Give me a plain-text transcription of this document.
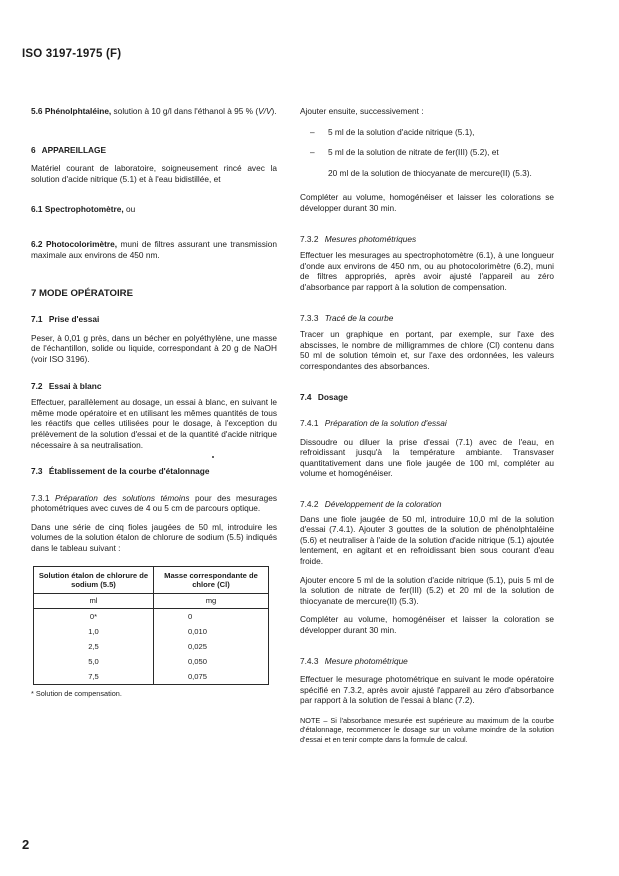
ISO 3197-1975 (F)

5.6 Phénolphtaléine, solution à 10 g/l dans l'éthanol à 95 % (V/V).

6 APPAREILLAGE

Matériel courant de laboratoire, soigneusement rincé avec la solution d'acide nitrique (5.1) et à l'eau bidistillée, et

6.1 Spectrophotomètre, ou

6.2 Photocolorimètre, muni de filtres assurant une transmission maximale aux environs de 450 nm.

7 MODE OPÉRATOIRE
7.1 Prise d'essai

Peser, à 0,01 g près, dans un bécher en polyéthylène, une masse de l'échantillon, solide ou liquide, correspondant à 20 g de NaOH (voir ISO 3196).

7.2 Essai à blanc

Effectuer, parallèlement au dosage, un essai à blanc, en suivant le même mode opératoire et en utilisant les mêmes quantités de tous les réactifs que celles utilisées pour le dosage, à l'exception du prélèvement de la solution d'essai et de la quantité d'acide nitrique nécessaire à sa neutralisation.

7.3 Établissement de la courbe d'étalonnage

7.3.1 Préparation des solutions témoins pour des mesurages photométriques avec cuves de 4 ou 5 cm de parcours optique.

Dans une série de cinq fioles jaugées de 50 ml, introduire les volumes de la solution étalon de chlorure de sodium (5.5) indiqués dans le tableau suivant :

Solution étalon de chlorure de sodium (5.5)	Masse correspondante de chlore (Cl)
ml	mg
0*	0
1,0	0,010
2,5	0,025
5,0	0,050
7,5	0,075

* Solution de compensation.

Ajouter ensuite, successivement :

– 5 ml de la solution d'acide nitrique (5.1),
– 5 ml de la solution de nitrate de fer(III) (5.2), et
20 ml de la solution de thiocyanate de mercure(II) (5.3).

Compléter au volume, homogénéiser et laisser les colorations se développer durant 30 min.

7.3.2 Mesures photométriques

Effectuer les mesurages au spectrophotomètre (6.1), à une longueur d'onde aux environs de 450 nm, ou au photocolorimètre (6.2), muni de filtres appropriés, après avoir ajusté l'appareil au zéro d'absorbance par rapport à la solution de compensation.

7.3.3 Tracé de la courbe

Tracer un graphique en portant, par exemple, sur l'axe des abscisses, le nombre de milligrammes de chlore (Cl) contenu dans 50 ml de solution témoin et, sur l'axe des ordonnées, les valeurs correspondantes des absorbances.

7.4 Dosage
7.4.1 Préparation de la solution d'essai

Dissoudre ou diluer la prise d'essai (7.1) avec de l'eau, en refroidissant jusqu'à la température ambiante. Transvaser quantitativement dans une fiole jaugée de 100 ml, compléter au volume et homogénéiser.

7.4.2 Développement de la coloration

Dans une fiole jaugée de 50 ml, introduire 10,0 ml de la solution d'essai (7.4.1). Ajouter 3 gouttes de la solution de phénolphtaléine (5.6) et neutraliser à l'aide de la solution d'acide nitrique (5.1) ajoutée lentement, en agitant et en refroidissant bien sous courant d'eau froide.

Ajouter encore 5 ml de la solution d'acide nitrique (5.1), puis 5 ml de la solution de nitrate de fer(III) (5.2) et 20 ml de la solution de thiocyanate de mercure(II) (5.3).

Compléter au volume, homogénéiser et laisser la coloration se développer durant 30 min.

7.4.3 Mesure photométrique

Effectuer le mesurage photométrique en suivant le mode opératoire spécifié en 7.3.2, après avoir ajusté l'appareil au zéro d'absorbance par rapport à la solution de l'essai à blanc (7.2).

NOTE – Si l'absorbance mesurée est supérieure au maximum de la courbe d'étalonnage, recommencer le dosage sur un volume moindre de la solution d'essai et en tenir compte dans la formule de calcul.

2
